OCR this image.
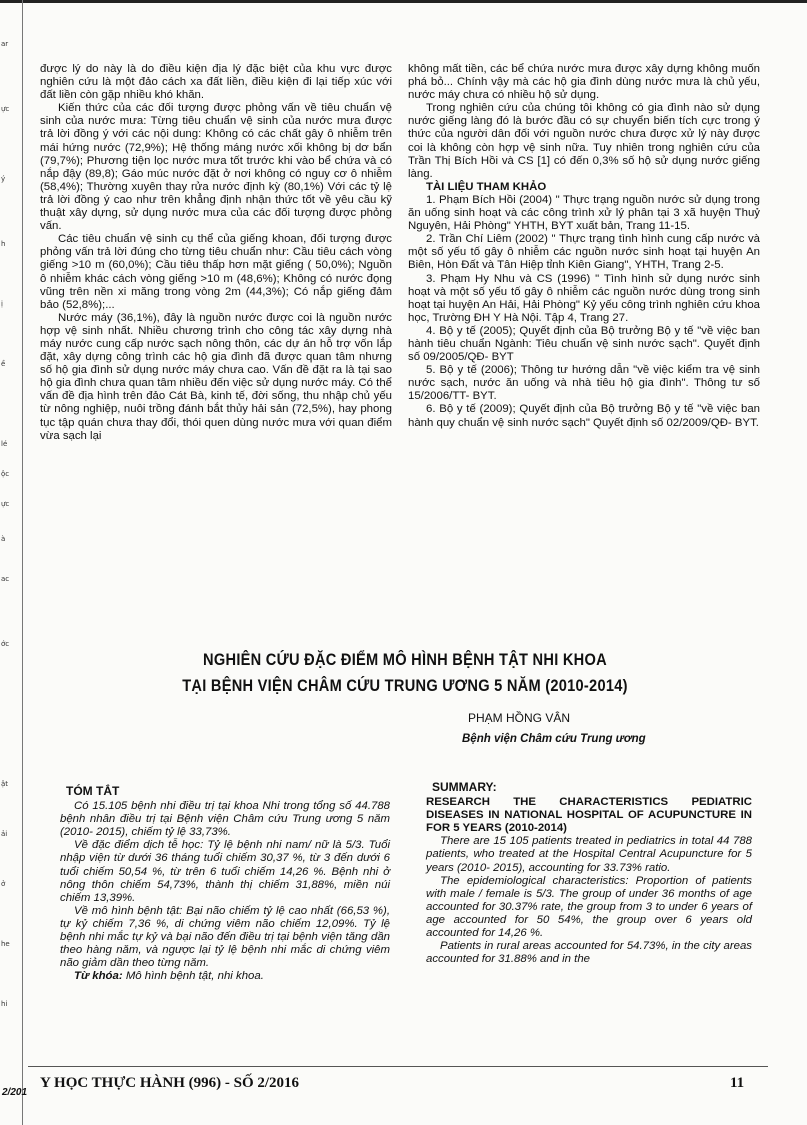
ar
ực
ý
h
ị
ề
lé
ộc
ực
à
ac
ớc
ật
ải
ở
he
hi

được lý do này là do điều kiện địa lý đặc biệt của khu vực được nghiên cứu là một đảo cách xa đất liền, điều kiện đi lại tiếp xúc với đất liền còn gặp nhiều khó khăn.

Kiến thức của các đối tượng được phỏng vấn về tiêu chuẩn vệ sinh của nước mưa: Từng tiêu chuẩn vệ sinh của nước mưa được trả lời đồng ý với các nội dung: Không có các chất gây ô nhiễm trên mái hứng nước (72,9%); Hệ thống máng nước xối không bị dơ bẩn (79,7%); Phương tiện lọc nước mưa tốt trước khi vào bể chứa và có nắp đậy (89,8); Gáo múc nước đặt ở nơi không có nguy cơ ô nhiễm (58,4%); Thường xuyên thay rửa nước định kỳ (80,1%) Với các tỷ lệ trả lời đồng ý cao như trên khẳng định nhận thức tốt về yêu cầu kỹ thuật xây dựng, sử dụng nước mưa của các đối tượng được phỏng vấn.

Các tiêu chuẩn vệ sinh cụ thể của giếng khoan, đối tượng được phỏng vấn trả lời đúng cho từng tiêu chuẩn như: Cầu tiêu cách vòng giếng >10 m (60,0%); Cầu tiêu thấp hơn mặt giếng ( 50,0%); Nguồn ô nhiễm khác cách vòng giếng >10 m (48,6%); Không có nước đọng vũng trên nền xi măng trong vòng 2m (44,3%); Có nắp giếng đảm bảo (52,8%);...

Nước máy (36,1%), đây là nguồn nước được coi là nguồn nước hợp vệ sinh nhất. Nhiều chương trình cho công tác xây dựng nhà máy nước cung cấp nước sạch nông thôn, các dự án hỗ trợ vốn lắp đặt, xây dựng công trình các hộ gia đình đã được quan tâm nhưng số hộ gia đình sử dụng nước máy chưa cao. Vấn đề đặt ra là tại sao hộ gia đình chưa quan tâm nhiều đến việc sử dụng nước máy. Có thể vấn đề địa hình trên đảo Cát Bà, kinh tế, đời sống, thu nhập chủ yếu từ nông nghiệp, nuôi trồng đánh bắt thủy hải sản (72,5%), hay phong tục tập quán chưa thay đổi, thói quen dùng nước mưa với quan điểm vừa sạch lại

không mất tiền, các bể chứa nước mưa được xây dựng không muốn phá bỏ... Chính vậy mà các hộ gia đình dùng nước mưa là chủ yếu, nước máy chưa có nhiều hộ sử dụng.

Trong nghiên cứu của chúng tôi không có gia đình nào sử dụng nước giếng làng đó là bước đầu có sự chuyển biến tích cực trong ý thức của người dân đối với nguồn nước chưa được xử lý này được coi là không còn hợp vệ sinh nữa. Tuy nhiên trong nghiên cứu của Trần Thị Bích Hồi và CS [1] có đến 0,3% số hộ sử dụng nước giếng làng.

TÀI LIỆU THAM KHẢO

1. Phạm Bích Hồi (2004) " Thực trạng nguồn nước sử dụng trong ăn uống sinh hoạt và các công trình xử lý phân tại 3 xã huyện Thuỷ Nguyên, Hải Phòng" YHTH, BYT xuất bản, Trang 11-15.

2. Trần Chí Liêm (2002) " Thực trạng tình hình cung cấp nước và một số yếu tố gây ô nhiễm các nguồn nước sinh hoạt tại huyện An Biên, Hòn Đất và Tân Hiệp tỉnh Kiên Giang", YHTH, Trang 2-5.

3. Phạm Hy Nhu và CS (1996) " Tình hình sử dụng nước sinh hoạt và một số yếu tố gây ô nhiễm các nguồn nước dùng trong sinh hoạt tại huyện An Hải, Hải Phòng" Kỷ yếu công trình nghiên cứu khoa học, Trường ĐH Y Hà Nội. Tập 4, Trang 27.

4. Bộ y tế (2005); Quyết định của Bộ trưởng Bộ y tế "về việc ban hành tiêu chuẩn Ngành: Tiêu chuẩn vệ sinh nước sạch". Quyết định số 09/2005/QĐ- BYT

5. Bộ y tế (2006); Thông tư hướng dẫn "về việc kiểm tra vệ sinh nước sạch, nước ăn uống và nhà tiêu hộ gia đình". Thông tư số 15/2006/TT- BYT.

6. Bộ y tế (2009); Quyết định của Bộ trưởng Bộ y tế "về việc ban hành quy chuẩn vệ sinh nước sạch" Quyết định số 02/2009/QĐ- BYT.

NGHIÊN CỨU ĐẶC ĐIỂM MÔ HÌNH BỆNH TẬT NHI KHOA
TẠI BỆNH VIỆN CHÂM CỨU TRUNG ƯƠNG 5 NĂM (2010-2014)
PHẠM HỒNG VÂN
Bệnh viện Châm cứu Trung ương
TÓM TẮT

Có 15.105 bệnh nhi điều trị tại khoa Nhi trong tổng số 44.788 bệnh nhân điều trị tại Bệnh viện Châm cứu Trung ương 5 năm (2010- 2015), chiếm tỷ lệ 33,73%.

Về đặc điểm dịch tễ học: Tỷ lệ bệnh nhi nam/ nữ là 5/3. Tuổi nhập viện từ dưới 36 tháng tuổi chiếm 30,37 %, từ 3 đến dưới 6 tuổi chiếm 50,54 %, từ trên 6 tuổi chiếm 14,26 %. Bệnh nhi ở nông thôn chiếm 54,73%, thành thị chiếm 31,88%, miền núi chiếm 13,39%.

Về mô hình bệnh tật: Bại não chiếm tỷ lệ cao nhất (66,53 %), tự kỷ chiếm 7,36 %, di chứng viêm não chiếm 12,09%. Tỷ lệ bệnh nhi mắc tự kỷ và bại não đến điều trị tại bệnh viện tăng dần theo hàng năm, và ngược lại tỷ lệ bệnh nhi mắc di chứng viêm não giảm dần theo từng năm.

Từ khóa: Mô hình bệnh tật, nhi khoa.

SUMMARY:

RESEARCH THE CHARACTERISTICS PEDIATRIC DISEASES IN NATIONAL HOSPITAL OF ACUPUNCTURE IN FOR 5 YEARS (2010-2014)

There are 15 105 patients treated in pediatrics in total 44 788 patients, who treated at the Hospital Central Acupuncture for 5 years (2010- 2015), accounting for 33.73% ratio.

The epidemiological characteristics: Proportion of patients with male / female is 5/3. The group of under 36 months of age accounted for 30.37% rate, the group from 3 to under 6 years of age accounted for 50 54%, the group over 6 years old accounted for 14,26 %.

Patients in rural areas accounted for 54.73%, in the city areas accounted for 31.88% and in the

Y HỌC THỰC HÀNH (996) - SỐ 2/2016	11
2/201
